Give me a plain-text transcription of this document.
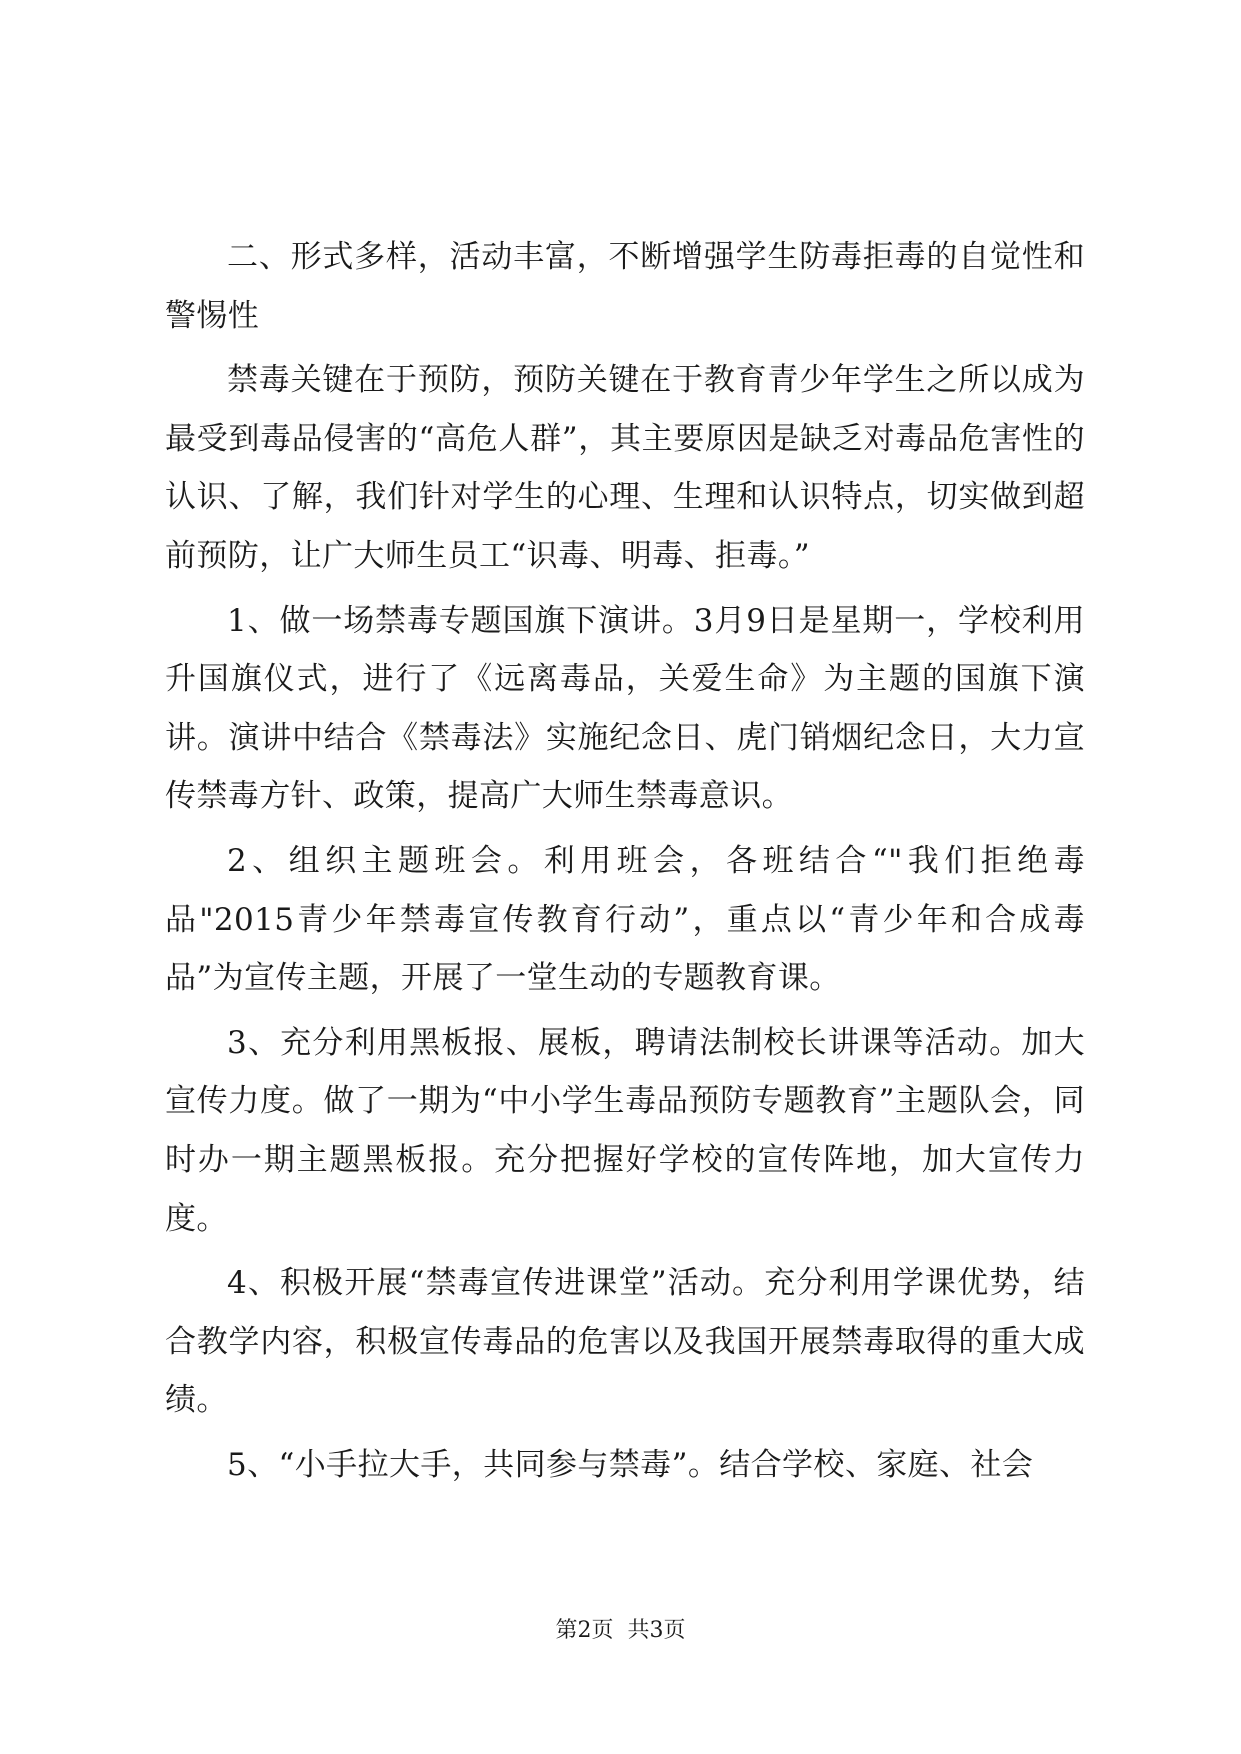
二、形式多样，活动丰富，不断增强学生防毒拒毒的自觉性和警惕性

禁毒关键在于预防，预防关键在于教育青少年学生之所以成为最受到毒品侵害的“高危人群”，其主要原因是缺乏对毒品危害性的认识、了解，我们针对学生的心理、生理和认识特点，切实做到超前预防，让广大师生员工“识毒、明毒、拒毒。”

1、做一场禁毒专题国旗下演讲。3月9日是星期一，学校利用升国旗仪式，进行了《远离毒品，关爱生命》为主题的国旗下演讲。演讲中结合《禁毒法》实施纪念日、虎门销烟纪念日，大力宣传禁毒方针、政策，提高广大师生禁毒意识。

2、组织主题班会。利用班会，各班结合“"我们拒绝毒品"2015青少年禁毒宣传教育行动”，重点以“青少年和合成毒品”为宣传主题，开展了一堂生动的专题教育课。

3、充分利用黑板报、展板，聘请法制校长讲课等活动。加大宣传力度。做了一期为“中小学生毒品预防专题教育”主题队会，同时办一期主题黑板报。充分把握好学校的宣传阵地，加大宣传力度。

4、积极开展“禁毒宣传进课堂”活动。充分利用学课优势，结合教学内容，积极宣传毒品的危害以及我国开展禁毒取得的重大成绩。

5、“小手拉大手，共同参与禁毒”。结合学校、家庭、社会

第2页 共3页
